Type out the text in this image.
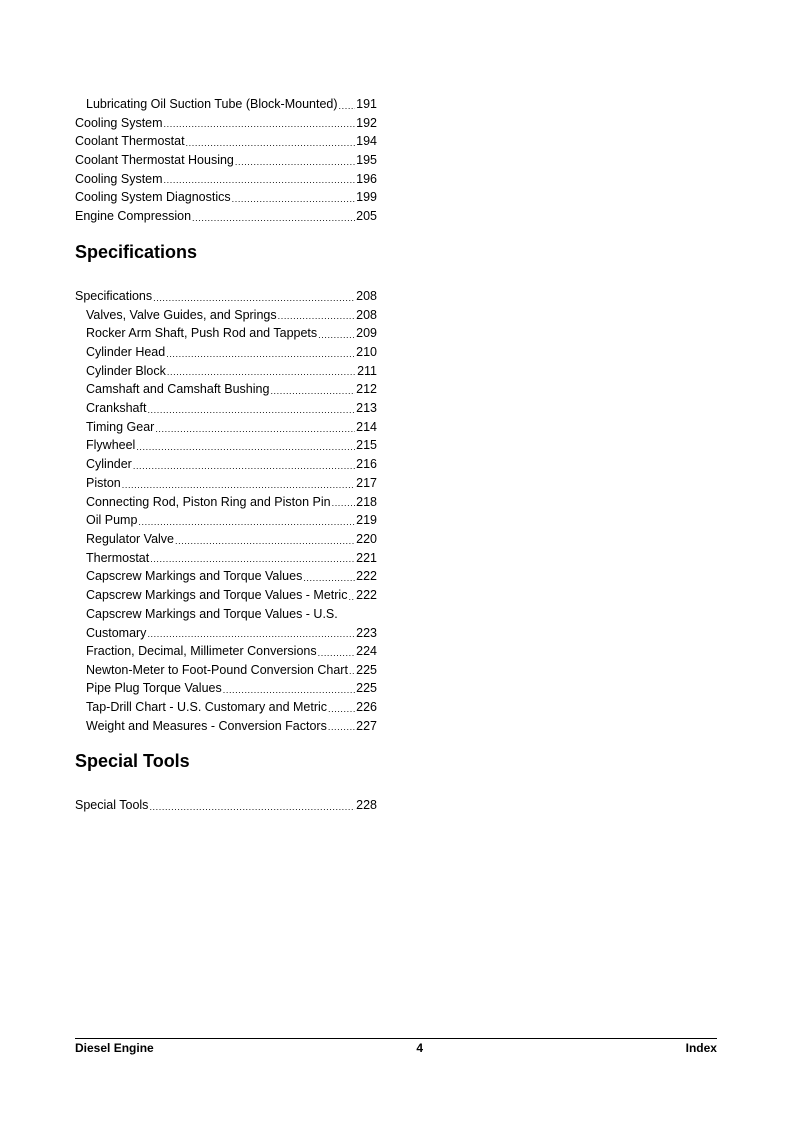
Lubricating Oil Suction Tube (Block-Mounted) ..... 191
Cooling System .....	192
Coolant Thermostat .....	194
Coolant Thermostat Housing .....	195
Cooling System .....	196
Cooling System Diagnostics .....	199
Engine Compression .....	205
Specifications
Specifications .....	208
Valves, Valve Guides, and Springs .....	208
Rocker Arm Shaft, Push Rod and Tappets .....	209
Cylinder Head .....	210
Cylinder Block .....	211
Camshaft and Camshaft Bushing .....	212
Crankshaft .....	213
Timing Gear .....	214
Flywheel .....	215
Cylinder .....	216
Piston .....	217
Connecting Rod, Piston Ring and Piston Pin ..... 218
Oil Pump .....	219
Regulator Valve .....	220
Thermostat .....	221
Capscrew Markings and Torque Values .....	222
Capscrew Markings and Torque Values - Metric ..... 222
Capscrew Markings and Torque Values - U.S.
Customary .....	223
Fraction, Decimal, Millimeter Conversions .....	224
Newton-Meter to Foot-Pound Conversion Chart ..... 225
Pipe Plug Torque Values .....	225
Tap-Drill Chart - U.S. Customary and Metric ..... 226
Weight and Measures - Conversion Factors ..... 227
Special Tools
Special Tools .....	228
Diesel Engine	4	Index
